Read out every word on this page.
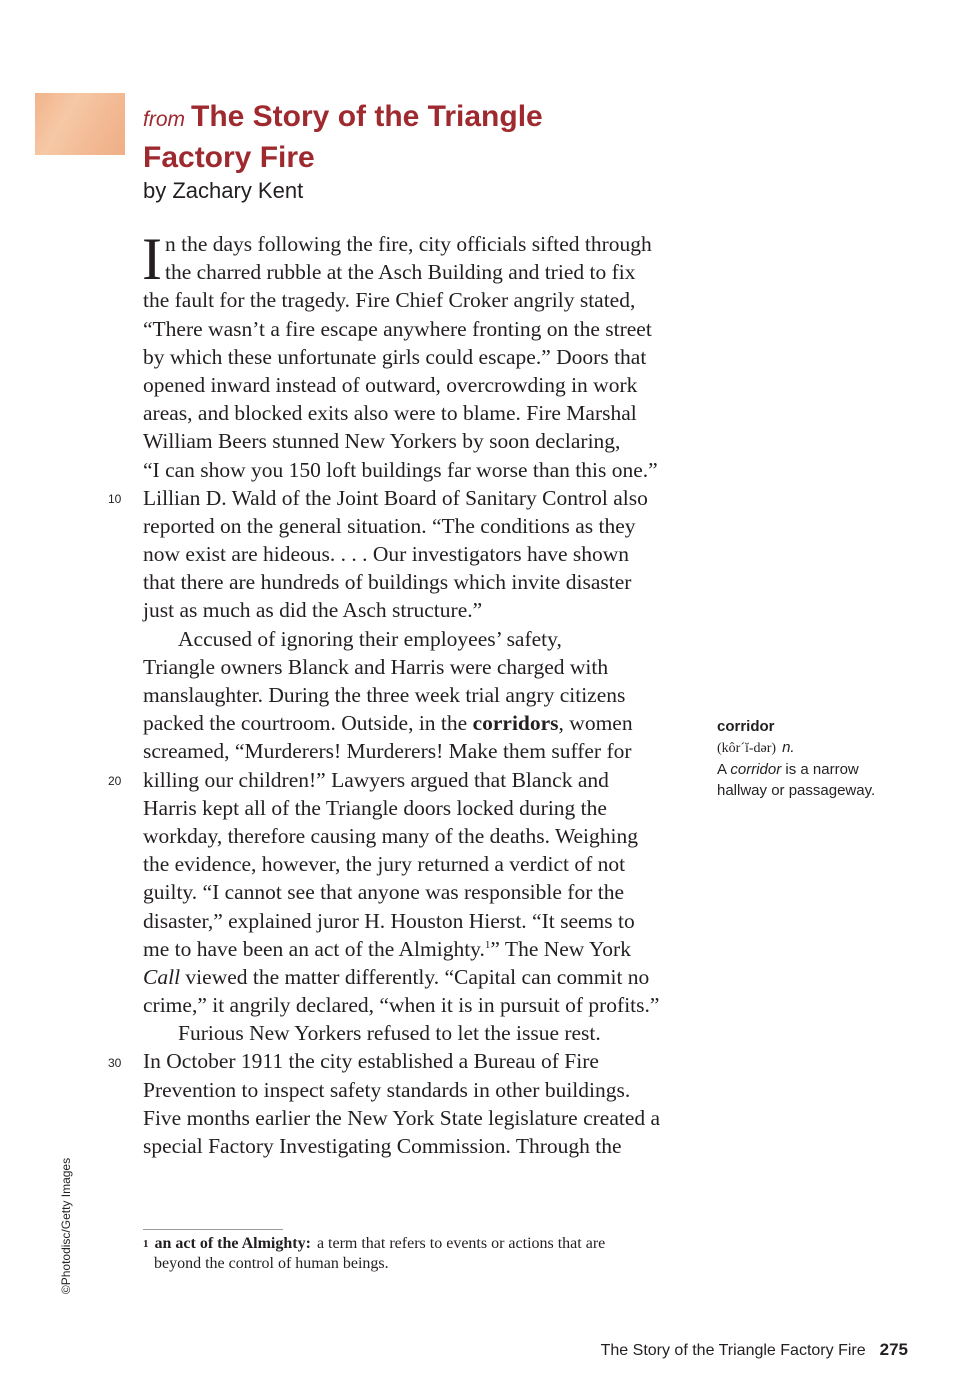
from The Story of the Triangle
Factory Fire
by Zachary Kent
I n the days following the fire, city officials sifted through
the charred rubble at the Asch Building and tried to fix
the fault for the tragedy. Fire Chief Croker angrily stated,
“There wasn’t a fire escape anywhere fronting on the street
by which these unfortunate girls could escape.” Doors that
opened inward instead of outward, overcrowding in work
areas, and blocked exits also were to blame. Fire Marshal
William Beers stunned New Yorkers by soon declaring,
“I can show you 150 loft buildings far worse than this one.”
Lillian D. Wald of the Joint Board of Sanitary Control also
reported on the general situation. “The conditions as they
now exist are hideous. . . . Our investigators have shown
that there are hundreds of buildings which invite disaster
just as much as did the Asch structure.”
Accused of ignoring their employees’ safety,
Triangle owners Blanck and Harris were charged with
manslaughter. During the three week trial angry citizens
packed the courtroom. Outside, in the corridors, women
screamed, “Murderers! Murderers! Make them suffer for
killing our children!” Lawyers argued that Blanck and
Harris kept all of the Triangle doors locked during the
workday, therefore causing many of the deaths. Weighing
the evidence, however, the jury returned a verdict of not
guilty. “I cannot see that anyone was responsible for the
disaster,” explained juror H. Houston Hierst. “It seems to
me to have been an act of the Almighty.$^1$” The New York
Call viewed the matter differently. “Capital can commit no
crime,” it angrily declared, “when it is in pursuit of profits.”
Furious New Yorkers refused to let the issue rest.
In October 1911 the city established a Bureau of Fire
Prevention to inspect safety standards in other buildings.
Five months earlier the New York State legislature created a
special Factory Investigating Commission. Through the
10
20
30
corridor
(kôr´ĭ-dər) n.
A corridor is a narrow hallway or passageway.
$^1$ an act of the Almighty: a term that refers to events or actions that are
beyond the control of human beings.
©Photodisc/Getty Images
The Story of the Triangle Factory Fire 275
